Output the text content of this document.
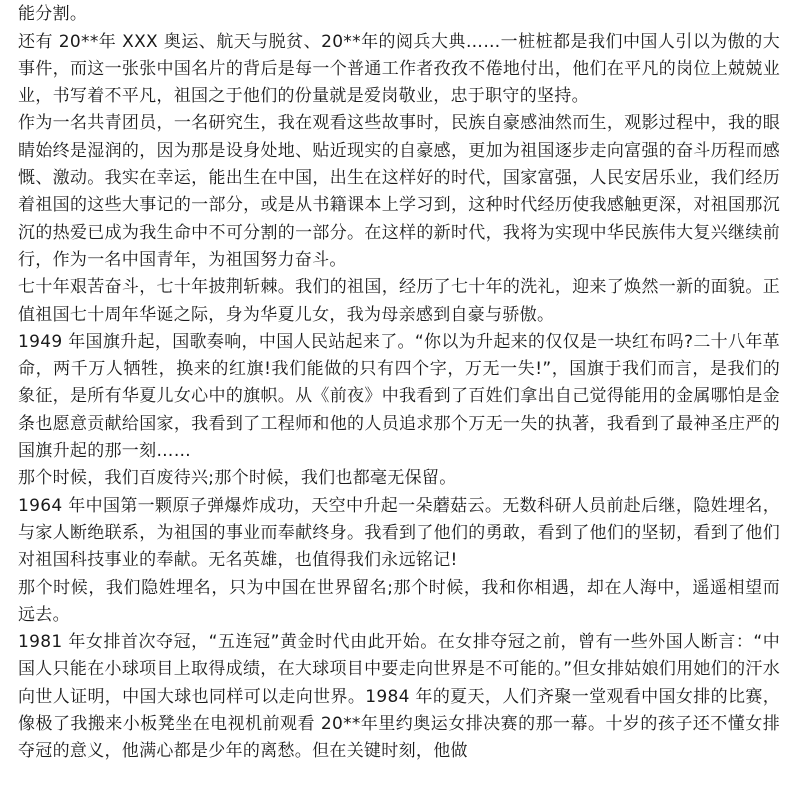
能分割。

还有 20**年 XXX 奥运、航天与脱贫、20**年的阅兵大典……一桩桩都是我们中国人引以为傲的大事件，而这一张张中国名片的背后是每一个普通工作者孜孜不倦地付出，他们在平凡的岗位上兢兢业业，书写着不平凡，祖国之于他们的份量就是爱岗敬业，忠于职守的坚持。

作为一名共青团员，一名研究生，我在观看这些故事时，民族自豪感油然而生，观影过程中，我的眼睛始终是湿润的，因为那是设身处地、贴近现实的自豪感，更加为祖国逐步走向富强的奋斗历程而感慨、激动。我实在幸运，能出生在中国，出生在这样好的时代，国家富强，人民安居乐业，我们经历着祖国的这些大事记的一部分，或是从书籍课本上学习到，这种时代经历使我感触更深，对祖国那沉沉的热爱已成为我生命中不可分割的一部分。在这样的新时代，我将为实现中华民族伟大复兴继续前行，作为一名中国青年，为祖国努力奋斗。

七十年艰苦奋斗，七十年披荆斩棘。我们的祖国，经历了七十年的洗礼，迎来了焕然一新的面貌。正值祖国七十周年华诞之际，身为华夏儿女，我为母亲感到自豪与骄傲。

1949 年国旗升起，国歌奏响，中国人民站起来了。“你以为升起来的仅仅是一块红布吗?二十八年革命，两千万人牺牲，换来的红旗!我们能做的只有四个字，万无一失!”，国旗于我们而言，是我们的象征，是所有华夏儿女心中的旗帜。从《前夜》中我看到了百姓们拿出自己觉得能用的金属哪怕是金条也愿意贡献给国家，我看到了工程师和他的人员追求那个万无一失的执著，我看到了最神圣庄严的国旗升起的那一刻……

那个时候，我们百废待兴;那个时候，我们也都毫无保留。

1964 年中国第一颗原子弹爆炸成功，天空中升起一朵蘑菇云。无数科研人员前赴后继，隐姓埋名，与家人断绝联系，为祖国的事业而奉献终身。我看到了他们的勇敢，看到了他们的坚韧，看到了他们对祖国科技事业的奉献。无名英雄，也值得我们永远铭记!

那个时候，我们隐姓埋名，只为中国在世界留名;那个时候，我和你相遇，却在人海中，遥遥相望而远去。

1981 年女排首次夺冠，“五连冠”黄金时代由此开始。在女排夺冠之前，曾有一些外国人断言：“中国人只能在小球项目上取得成绩，在大球项目中要走向世界是不可能的。”但女排姑娘们用她们的汗水向世人证明，中国大球也同样可以走向世界。1984 年的夏天，人们齐聚一堂观看中国女排的比赛，像极了我搬来小板凳坐在电视机前观看 20**年里约奥运女排决赛的那一幕。十岁的孩子还不懂女排夺冠的意义，他满心都是少年的离愁。但在关键时刻，他做
